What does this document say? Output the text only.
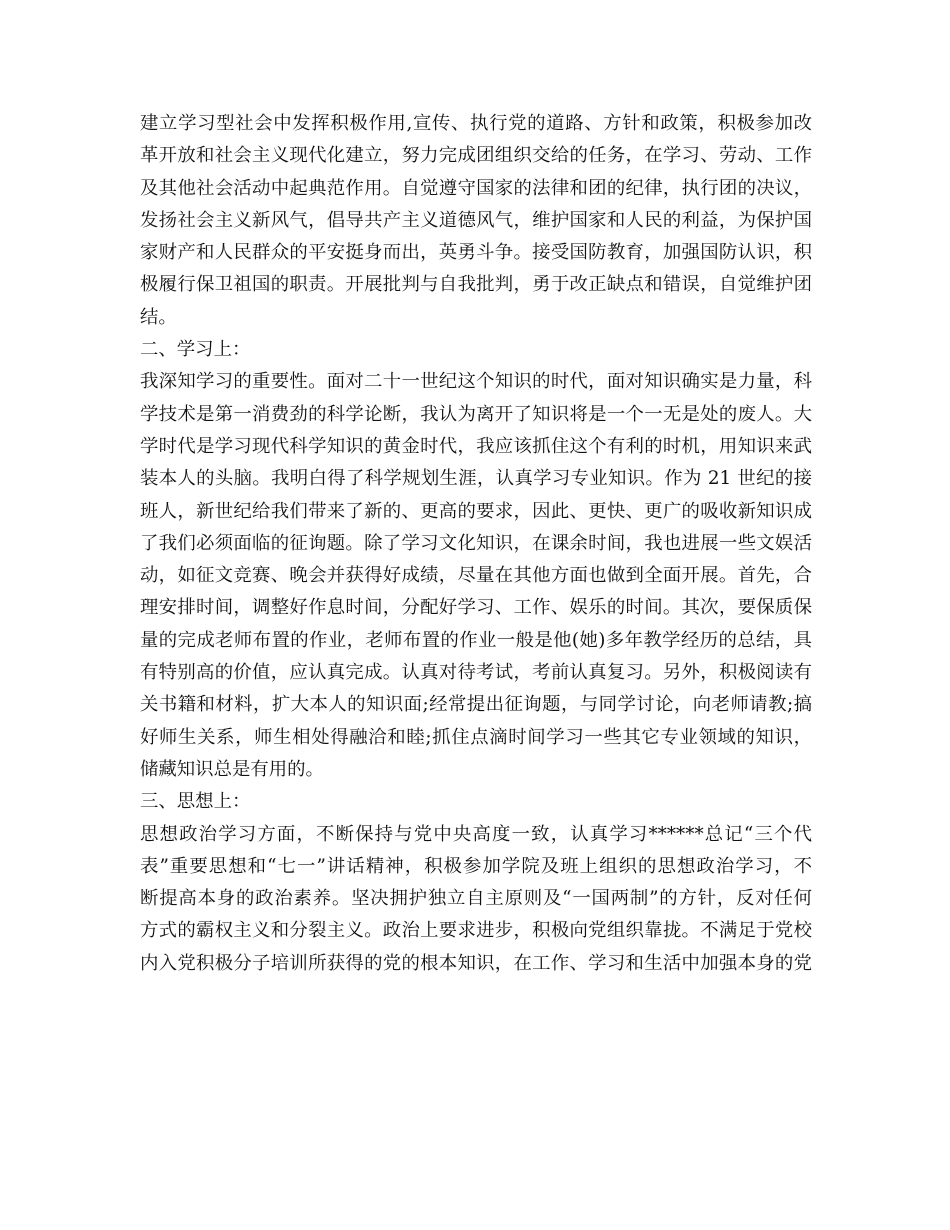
建立学习型社会中发挥积极作用,宣传、执行党的道路、方针和政策，积极参加改
革开放和社会主义现代化建立，努力完成团组织交给的任务，在学习、劳动、工作
及其他社会活动中起典范作用。自觉遵守国家的法律和团的纪律，执行团的决议，
发扬社会主义新风气，倡导共产主义道德风气，维护国家和人民的利益，为保护国
家财产和人民群众的平安挺身而出，英勇斗争。接受国防教育，加强国防认识，积
极履行保卫祖国的职责。开展批判与自我批判，勇于改正缺点和错误，自觉维护团
结。
二、学习上：
我深知学习的重要性。面对二十一世纪这个知识的时代，面对知识确实是力量，科
学技术是第一消费劲的科学论断，我认为离开了知识将是一个一无是处的废人。大
学时代是学习现代科学知识的黄金时代，我应该抓住这个有利的时机，用知识来武
装本人的头脑。我明白得了科学规划生涯，认真学习专业知识。作为 21 世纪的接
班人，新世纪给我们带来了新的、更高的要求，因此、更快、更广的吸收新知识成
了我们必须面临的征询题。除了学习文化知识，在课余时间，我也进展一些文娱活
动，如征文竞赛、晚会并获得好成绩，尽量在其他方面也做到全面开展。首先，合
理安排时间，调整好作息时间，分配好学习、工作、娱乐的时间。其次，要保质保
量的完成老师布置的作业，老师布置的作业一般是他(她)多年教学经历的总结，具
有特别高的价值，应认真完成。认真对待考试，考前认真复习。另外，积极阅读有
关书籍和材料，扩大本人的知识面;经常提出征询题，与同学讨论，向老师请教;搞
好师生关系，师生相处得融洽和睦;抓住点滴时间学习一些其它专业领域的知识，
储藏知识总是有用的。
三、思想上：
思想政治学习方面，不断保持与党中央高度一致，认真学习******总记“三个代
表”重要思想和“七一”讲话精神，积极参加学院及班上组织的思想政治学习，不
断提高本身的政治素养。坚决拥护独立自主原则及“一国两制”的方针，反对任何
方式的霸权主义和分裂主义。政治上要求进步，积极向党组织靠拢。不满足于党校
内入党积极分子培训所获得的党的根本知识，在工作、学习和生活中加强本身的党
